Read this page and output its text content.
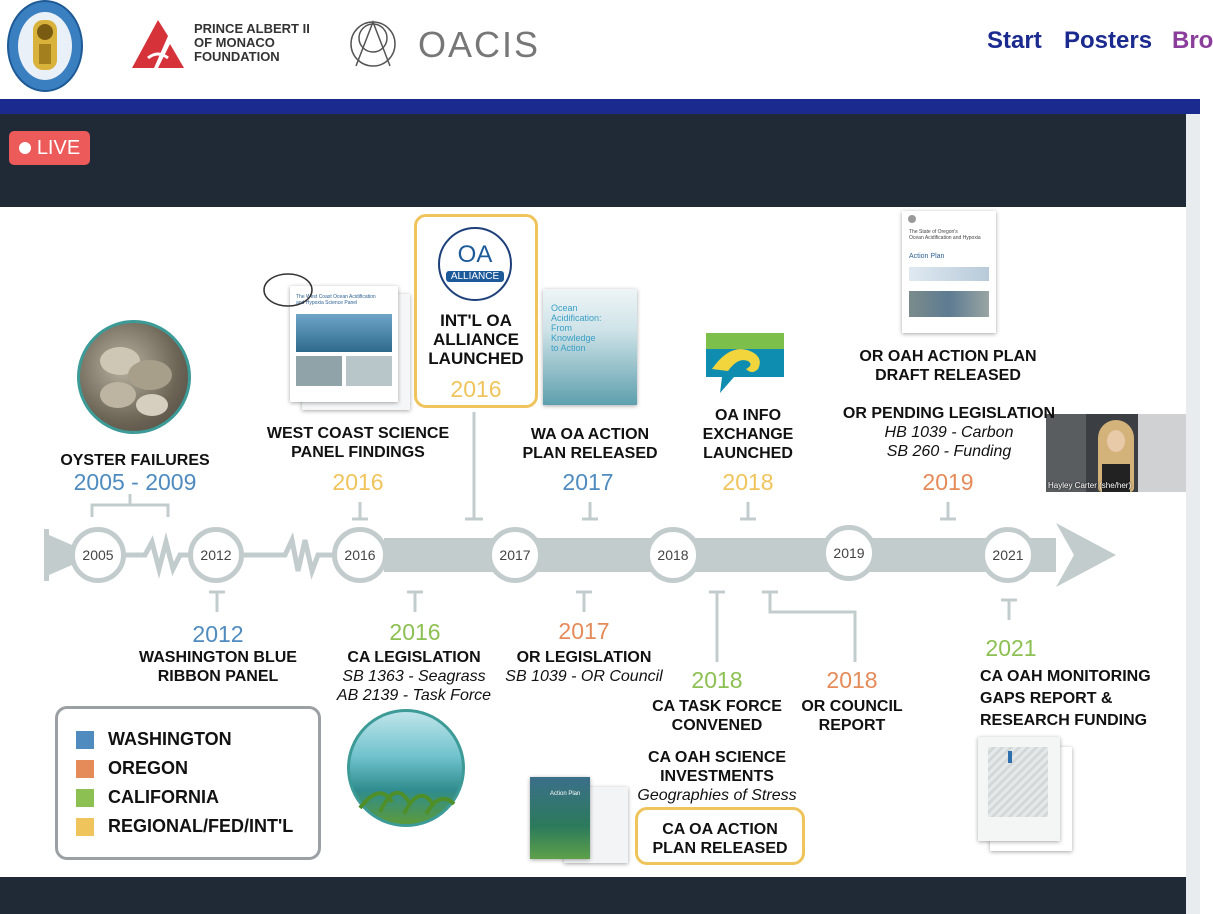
PRINCE ALBERT II
OF MONACO
FOUNDATION	OACIS	Start Posters Bro
LIVE
2005	2012	2016	2017	2018	2019	2021
The West Coast Ocean Acidification
and Hypoxia Science Panel
OA
ALLIANCE
Ocean
Acidification:
From
Knowledge
to Action
The State of Oregon's
Ocean Acidification and Hypoxia
Action Plan
Hayley Carter (she/her)
OYSTER FAILURES
2005 - 2009
WEST COAST SCIENCE
PANEL FINDINGS
2016
INT'L OA
ALLIANCE
LAUNCHED
2016
WA OA ACTION
PLAN RELEASED
2017
OA INFO
EXCHANGE
LAUNCHED
2018
OR OAH ACTION PLAN
DRAFT RELEASED
OR PENDING LEGISLATION
HB 1039 - Carbon
SB 260 - Funding
2019
2012
WASHINGTON BLUE
RIBBON PANEL
2016
CA LEGISLATION
SB 1363 - Seagrass
AB 2139 - Task Force
2017
OR LEGISLATION
SB 1039 - OR Council	2018
CA TASK FORCE
CONVENED
2018
OR COUNCIL
REPORT
CA OAH SCIENCE
INVESTMENTS
Geographies of Stress
CA OA ACTION
PLAN RELEASED
2021
CA OAH MONITORING
GAPS REPORT &
RESEARCH FUNDING
Action Plan
WASHINGTON
OREGON
CALIFORNIA
REGIONAL/FED/INT'L
